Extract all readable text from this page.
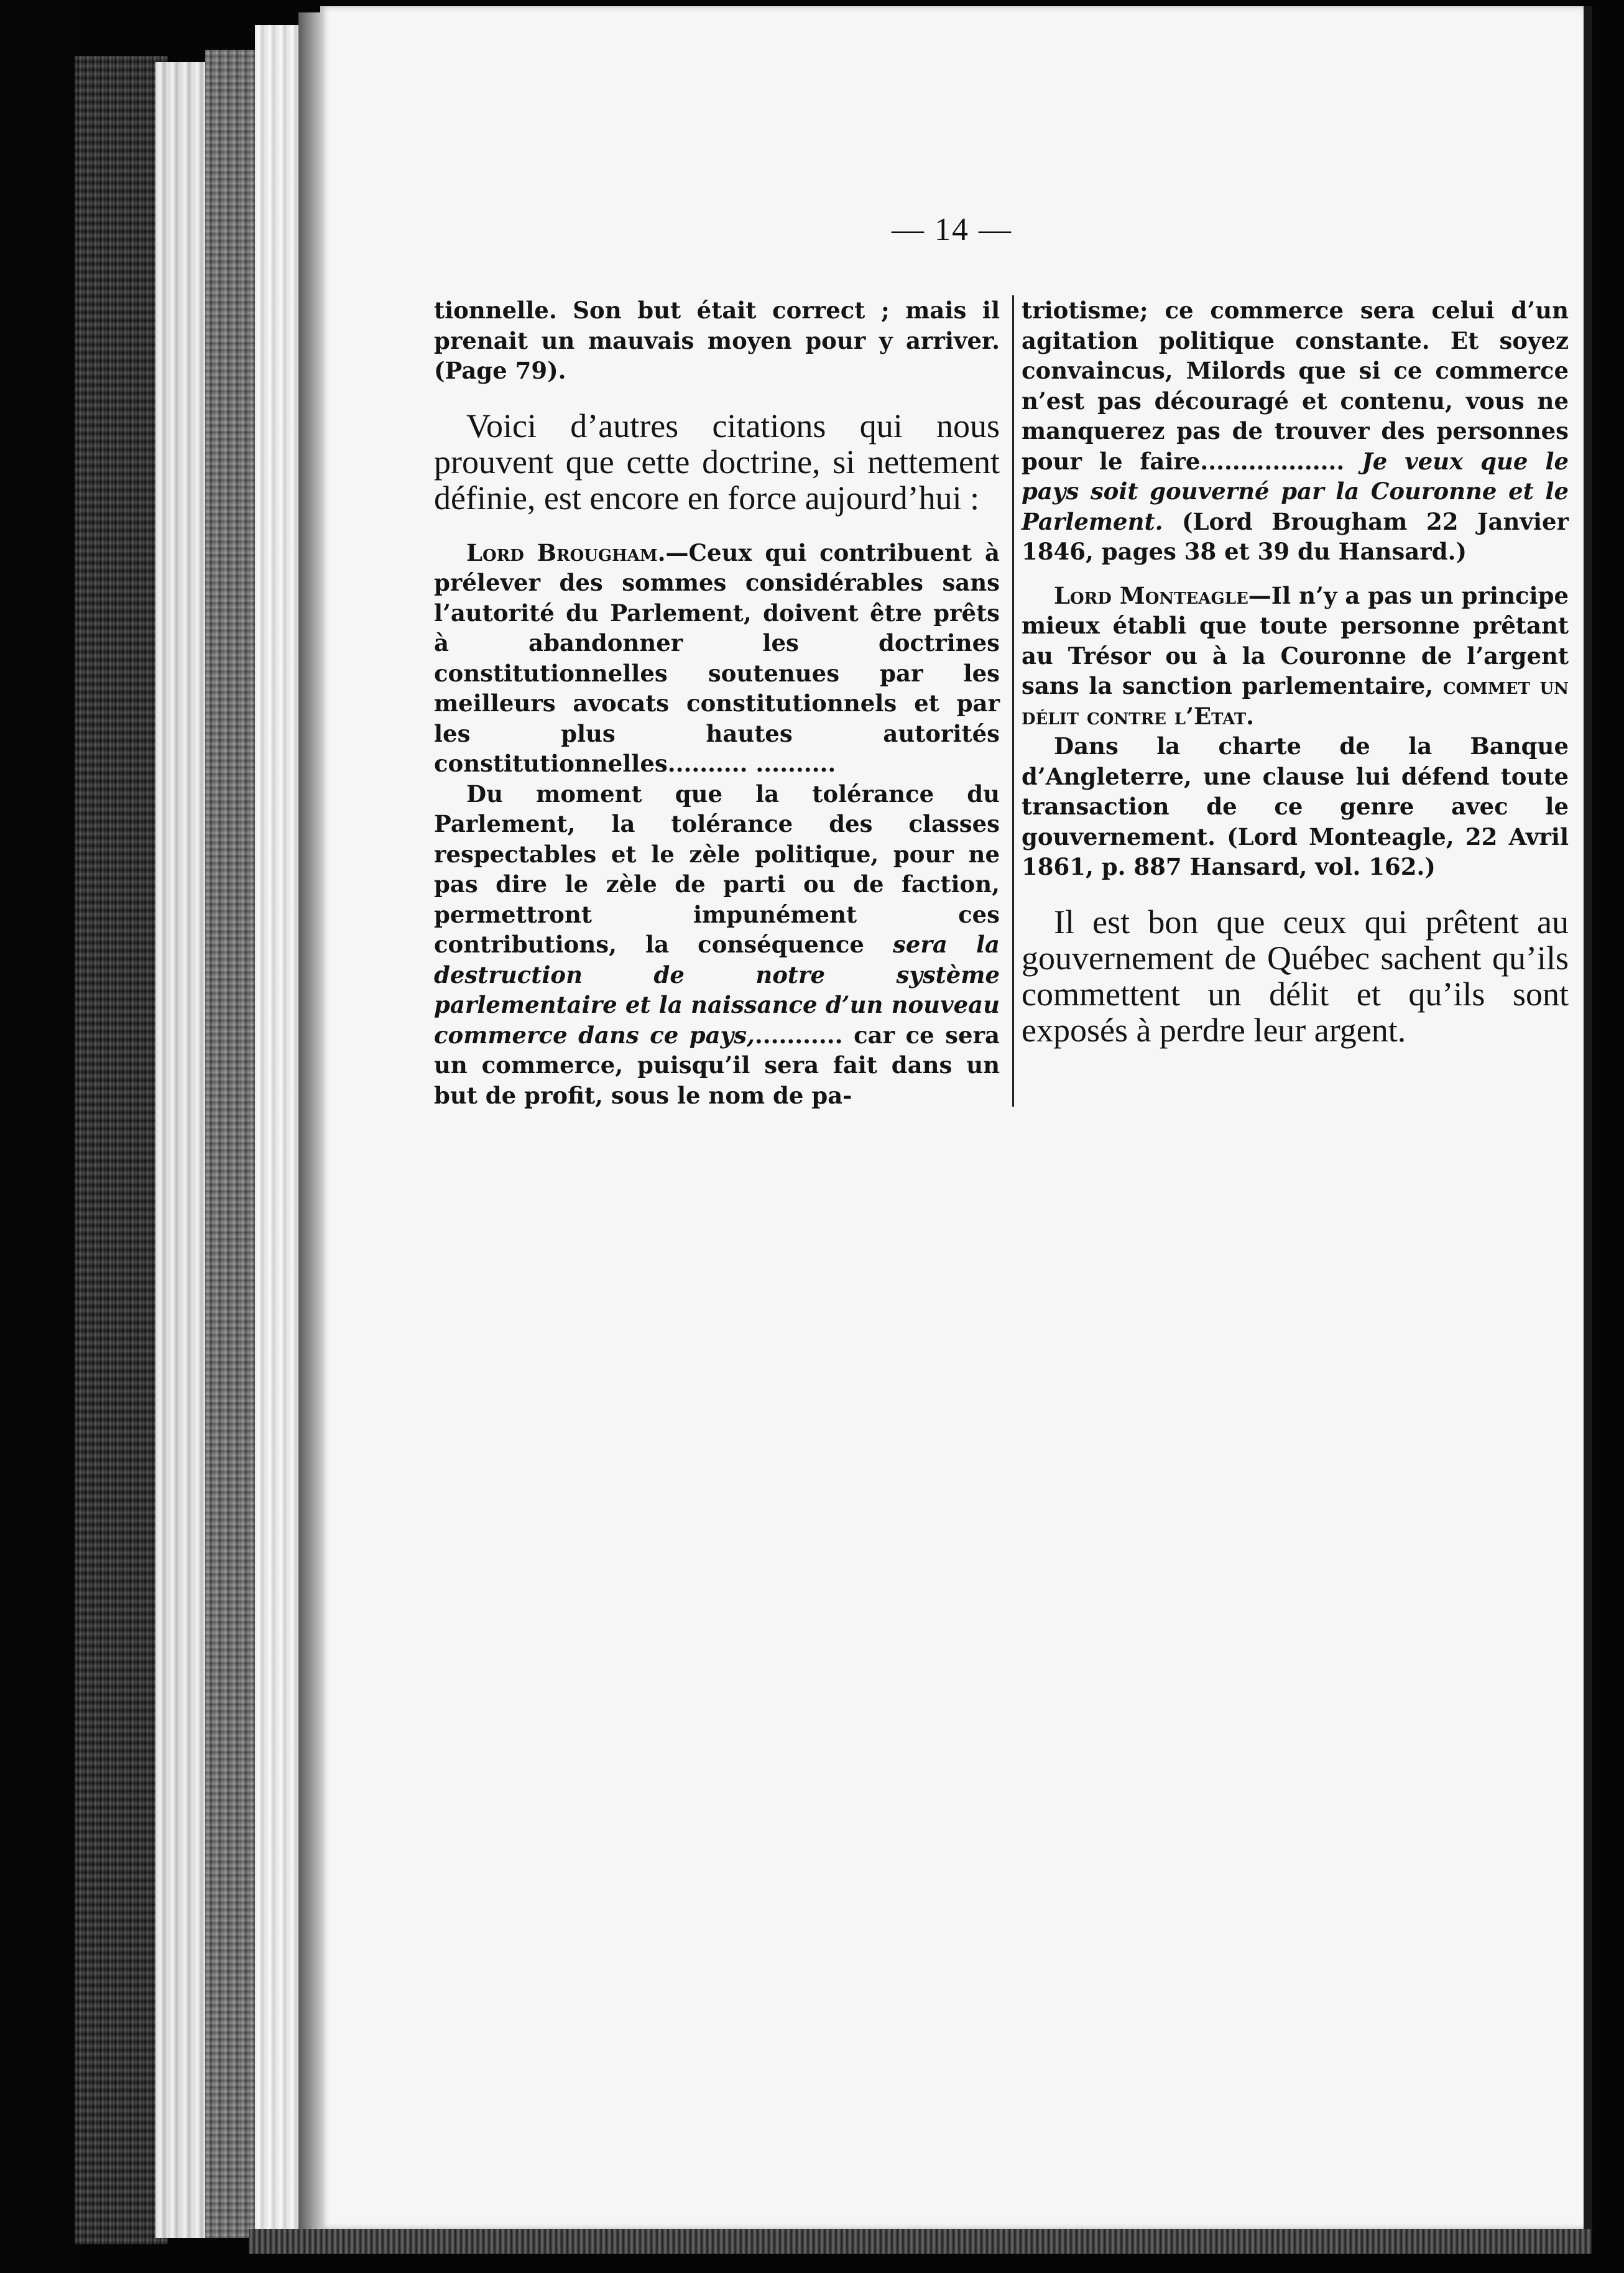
— 14 —

tionnelle. Son but était correct ; mais il prenait un mauvais moyen pour y arriver. (Page 79).

Voici d’autres citations qui nous prouvent que cette doctrine, si nettement définie, est encore en force aujourd’hui :

Lord Brougham.—Ceux qui contribuent à prélever des sommes considérables sans l’autorité du Parlement, doivent être prêts à abandonner les doctrines constitutionnelles soutenues par les meilleurs avocats constitutionnels et par les plus hautes autorités constitutionnelles.......... ..........

Du moment que la tolérance du Parlement, la tolérance des classes respectables et le zèle politique, pour ne pas dire le zèle de parti ou de faction, permettront impunément ces contributions, la conséquence sera la destruction de notre système parlementaire et la naissance d’un nouveau commerce dans ce pays,........... car ce sera un commerce, puisqu’il sera fait dans un but de profit, sous le nom de pa-

triotisme; ce commerce sera celui d’un agitation politique constante. Et soyez convaincus, Milords que si ce commerce n’est pas découragé et contenu, vous ne manquerez pas de trouver des personnes pour le faire.................. Je veux que le pays soit gouverné par la Couronne et le Parlement. (Lord Brougham 22 Janvier 1846, pages 38 et 39 du Hansard.)

Lord Monteagle—Il n’y a pas un principe mieux établi que toute personne prêtant au Trésor ou à la Couronne de l’argent sans la sanction parlementaire, commet un délit contre l’Etat.

Dans la charte de la Banque d’Angleterre, une clause lui défend toute transaction de ce genre avec le gouvernement. (Lord Monteagle, 22 Avril 1861, p. 887 Hansard, vol. 162.)

Il est bon que ceux qui prêtent au gouvernement de Québec sachent qu’ils commettent un délit et qu’ils sont exposés à perdre leur argent.
